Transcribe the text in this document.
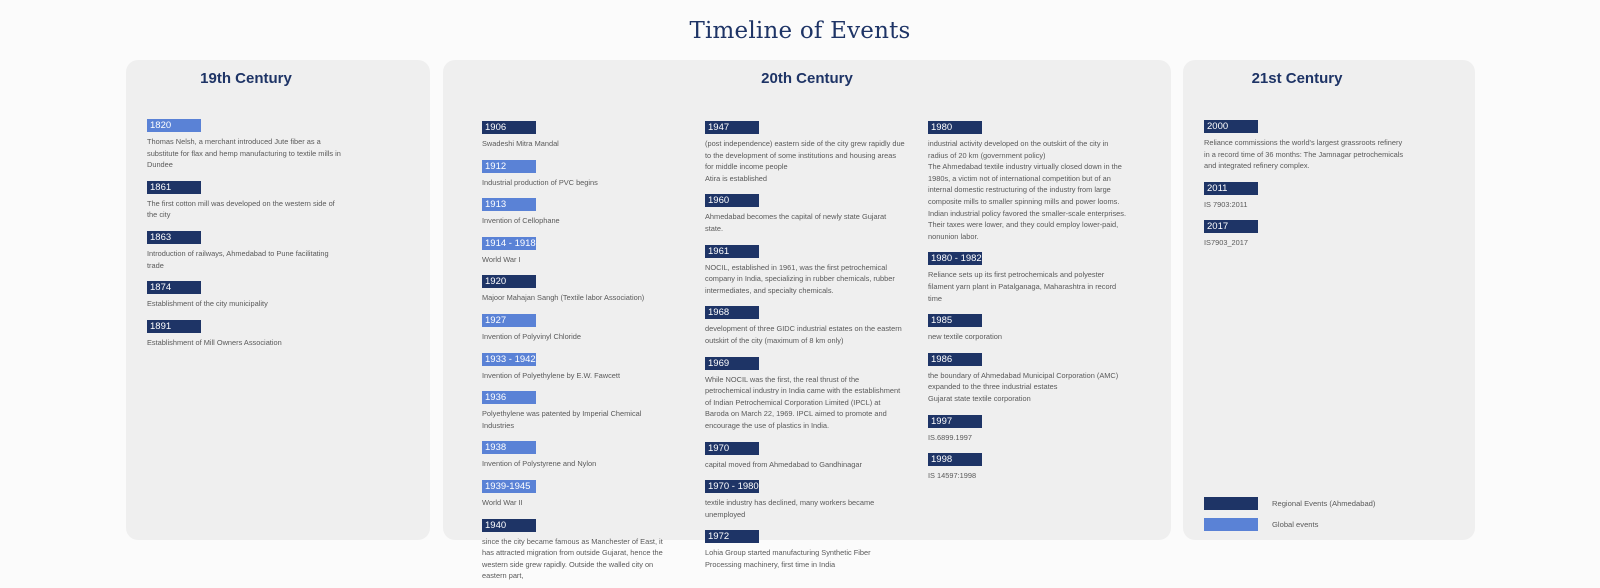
Timeline of Events
19th Century
1820
Thomas Nelsh, a merchant introduced Jute fiber as a substitute for flax and hemp manufacturing to textile mills in Dundee
1861
The first cotton mill was developed on the western side of the city
1863
Introduction of railways, Ahmedabad to Pune facilitating trade
1874
Establishment of the city municipality
1891
Establishment of Mill Owners Association
20th Century
1906
Swadeshi Mitra Mandal
1912
Industrial production of PVC begins
1913
Invention of Cellophane
1914 - 1918
World War I
1920
Majoor Mahajan Sangh (Textile labor Association)
1927
Invention of Polyvinyl Chloride
1933 - 1942
Invention of Polyethylene by E.W. Fawcett
1936
Polyethylene was patented by Imperial Chemical Industries
1938
Invention of Polystyrene and Nylon
1939-1945
World War II
1940
since the city became famous as Manchester of East, it has attracted migration from outside Gujarat, hence the western side grew rapidly. Outside the walled city on eastern part,
1947
(post independence) eastern side of the city grew rapidly due to the development of some institutions and housing areas for middle income people
Atira is established
1960
Ahmedabad becomes the capital of newly state Gujarat state.
1961
NOCIL, established in 1961, was the first petrochemical company in India, specializing in rubber chemicals, rubber intermediates, and specialty chemicals.
1968
development of three GIDC industrial estates on the eastern outskirt of the city (maximum of 8 km only)
1969
While NOCIL was the first, the real thrust of the petrochemical industry in India came with the establishment of Indian Petrochemical Corporation Limited (IPCL) at Baroda on March 22, 1969. IPCL aimed to promote and encourage the use of plastics in India.
1970
capital moved from Ahmedabad to Gandhinagar
1970 - 1980
textile industry has declined, many workers became unemployed
1972
Lohia Group started manufacturing Synthetic Fiber Processing machinery, first time in India
1980
industrial activity developed on the outskirt of the city in radius of 20 km (government policy)
The Ahmedabad textile industry virtually closed down in the 1980s, a victim not of international competition but of an internal domestic restructuring of the industry from large composite mills to smaller spinning mills and power looms. Indian industrial policy favored the smaller-scale enterprises. Their taxes were lower, and they could employ lower-paid, nonunion labor.
1980 - 1982
Reliance sets up its first petrochemicals and polyester filament yarn plant in Patalganaga, Maharashtra in record time
1985
new textile corporation
1986
the boundary of Ahmedabad Municipal Corporation (AMC) expanded to the three industrial estates
Gujarat state textile corporation
1997
IS.6899.1997
1998
IS 14597:1998
21st Century
2000
Reliance commissions the world's largest grassroots refinery in a record time of 36 months: The Jamnagar petrochemicals and integrated refinery complex.
2011
IS 7903:2011
2017
IS7903_2017
Regional Events (Ahmedabad)
Global events
